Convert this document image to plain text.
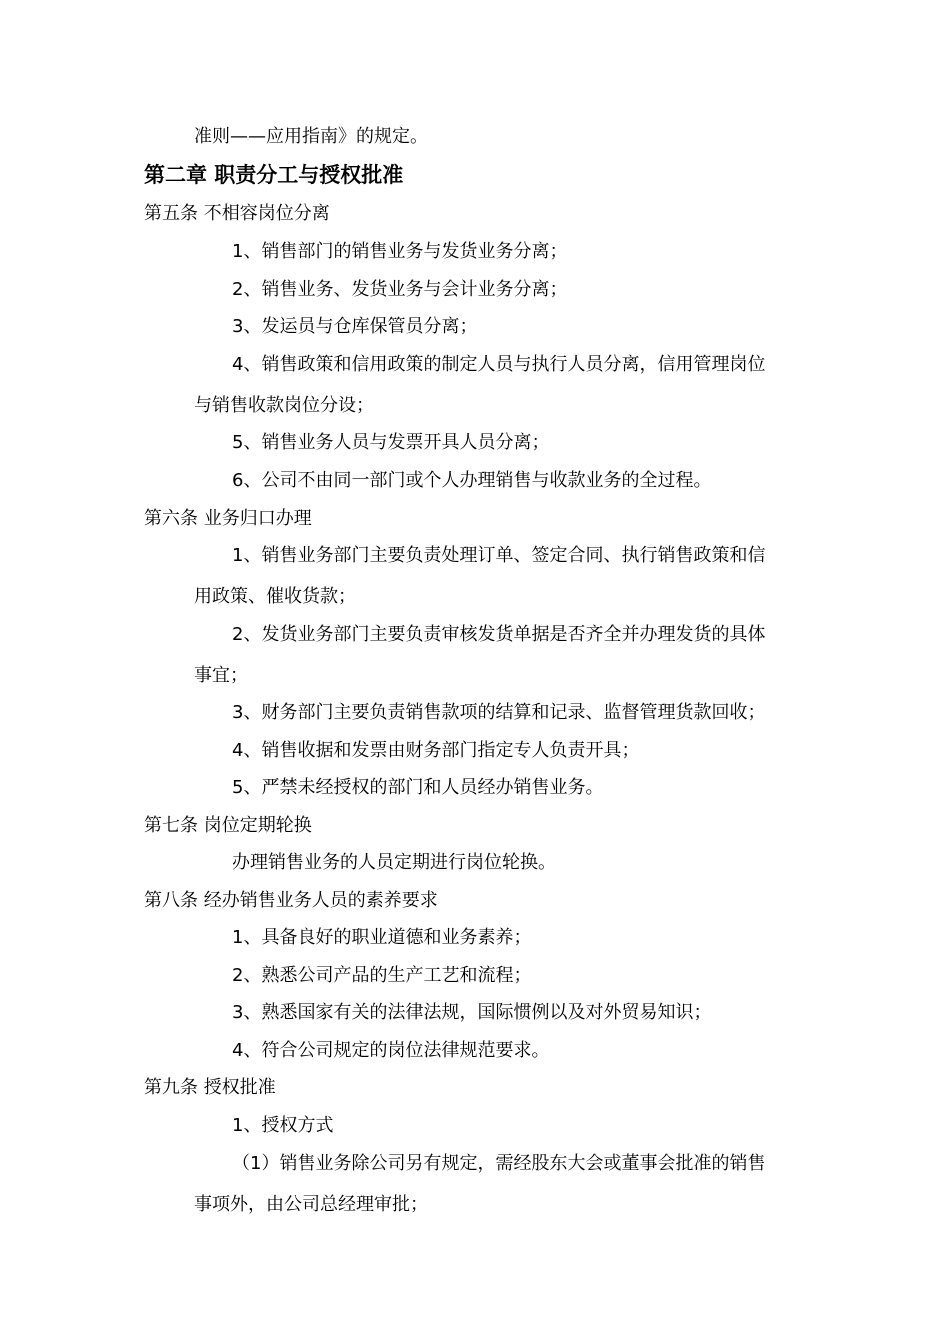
准则——应用指南》的规定。
第二章 职责分工与授权批准
第五条 不相容岗位分离
1、销售部门的销售业务与发货业务分离；
2、销售业务、发货业务与会计业务分离；
3、发运员与仓库保管员分离；
4、销售政策和信用政策的制定人员与执行人员分离，信用管理岗位
与销售收款岗位分设；
5、销售业务人员与发票开具人员分离；
6、公司不由同一部门或个人办理销售与收款业务的全过程。
第六条 业务归口办理
1、销售业务部门主要负责处理订单、签定合同、执行销售政策和信
用政策、催收货款；
2、发货业务部门主要负责审核发货单据是否齐全并办理发货的具体
事宜；
3、财务部门主要负责销售款项的结算和记录、监督管理货款回收；
4、销售收据和发票由财务部门指定专人负责开具；
5、严禁未经授权的部门和人员经办销售业务。
第七条 岗位定期轮换
办理销售业务的人员定期进行岗位轮换。
第八条 经办销售业务人员的素养要求
1、具备良好的职业道德和业务素养；
2、熟悉公司产品的生产工艺和流程；
3、熟悉国家有关的法律法规，国际惯例以及对外贸易知识；
4、符合公司规定的岗位法律规范要求。
第九条 授权批准
1、授权方式
（1）销售业务除公司另有规定，需经股东大会或董事会批准的销售
事项外，由公司总经理审批；
